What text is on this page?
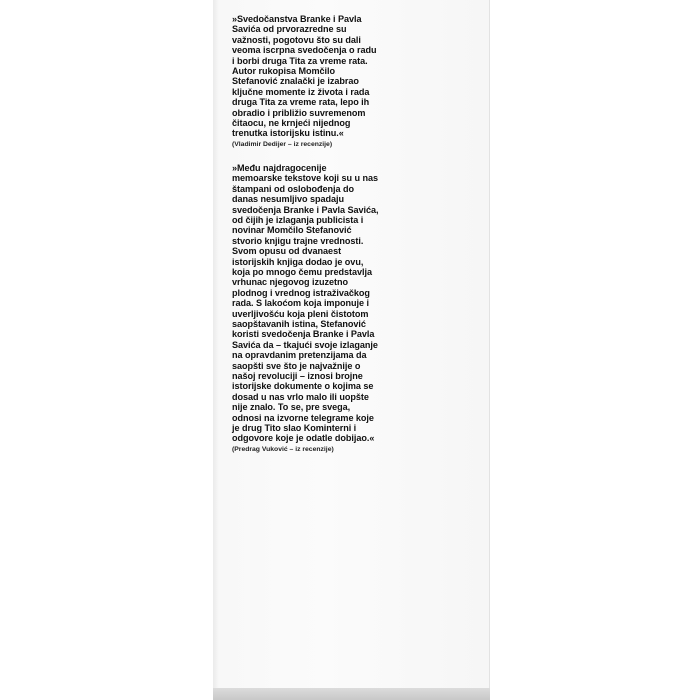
»Svedočanstva Branke i Pavla
Savića od prvorazredne su
važnosti, pogotovu što su dali
veoma iscrpna svedočenja o radu
i borbi druga Tita za vreme rata.
Autor rukopisa Momčilo
Stefanović znalački je izabrao
ključne momente iz života i rada
druga Tita za vreme rata, lepo ih
obradio i približio suvremenom
čitaocu, ne krnjeći nijednog
trenutka istorijsku istinu.«

(Vladimir Dedijer – iz recenzije)

»Među najdragocenije
memoarske tekstove koji su u nas
štampani od oslobođenja do
danas nesumljivo spadaju
svedočenja Branke i Pavla Savića,
od čijih je izlaganja publicista i
novinar Momčilo Stefanović
stvorio knjigu trajne vrednosti.
Svom opusu od dvanaest
istorijskih knjiga dodao je ovu,
koja po mnogo čemu predstavlja
vrhunac njegovog izuzetno
plodnog i vrednog istraživačkog
rada. S lakoćom koja imponuje i
uverljivošću koja pleni čistotom
saopštavanih istina, Stefanović
koristi svedočenja Branke i Pavla
Savića da – tkajući svoje izlaganje
na opravdanim pretenzijama da
saopšti sve što je najvažnije o
našoj revoluciji – iznosi brojne
istorijske dokumente o kojima se
dosad u nas vrlo malo ili uopšte
nije znalo. To se, pre svega,
odnosi na izvorne telegrame koje
je drug Tito slao Kominterni i
odgovore koje je odatle dobijao.«

(Predrag Vuković – iz recenzije)
